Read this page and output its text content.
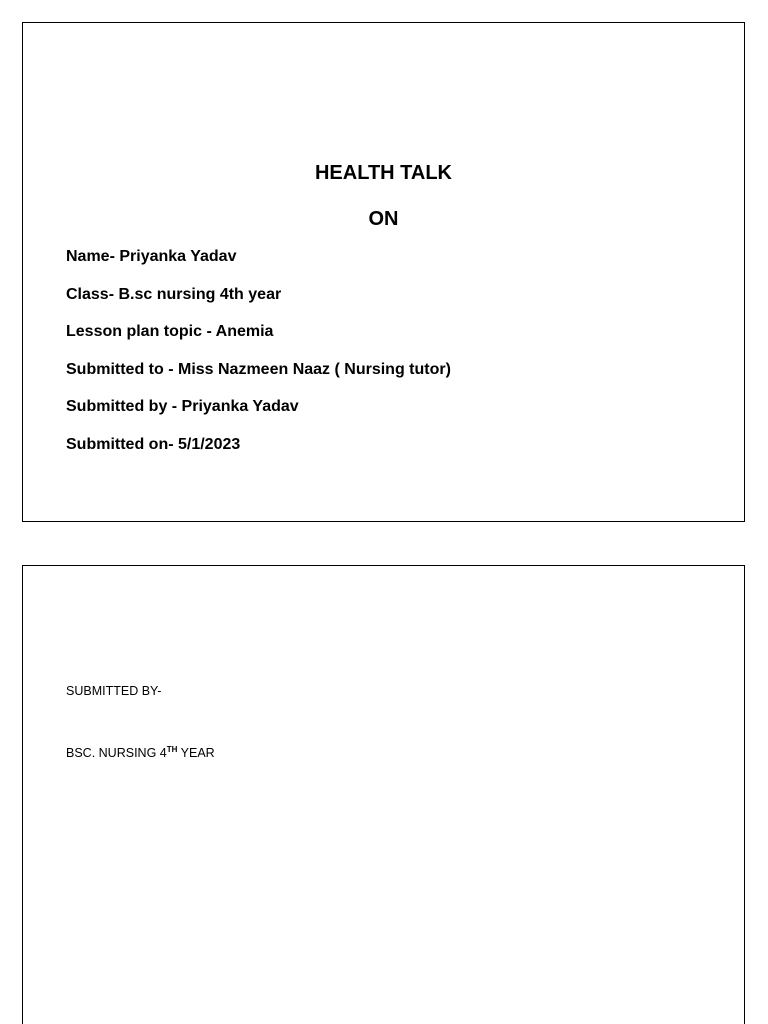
HEALTH TALK
ON
Name- Priyanka Yadav
Class- B.sc nursing 4th year
Lesson plan topic - Anemia
Submitted to - Miss Nazmeen Naaz ( Nursing tutor)
Submitted by - Priyanka Yadav
Submitted on- 5/1/2023

SUBMITTED BY-

BSC. NURSING 4TH YEAR
